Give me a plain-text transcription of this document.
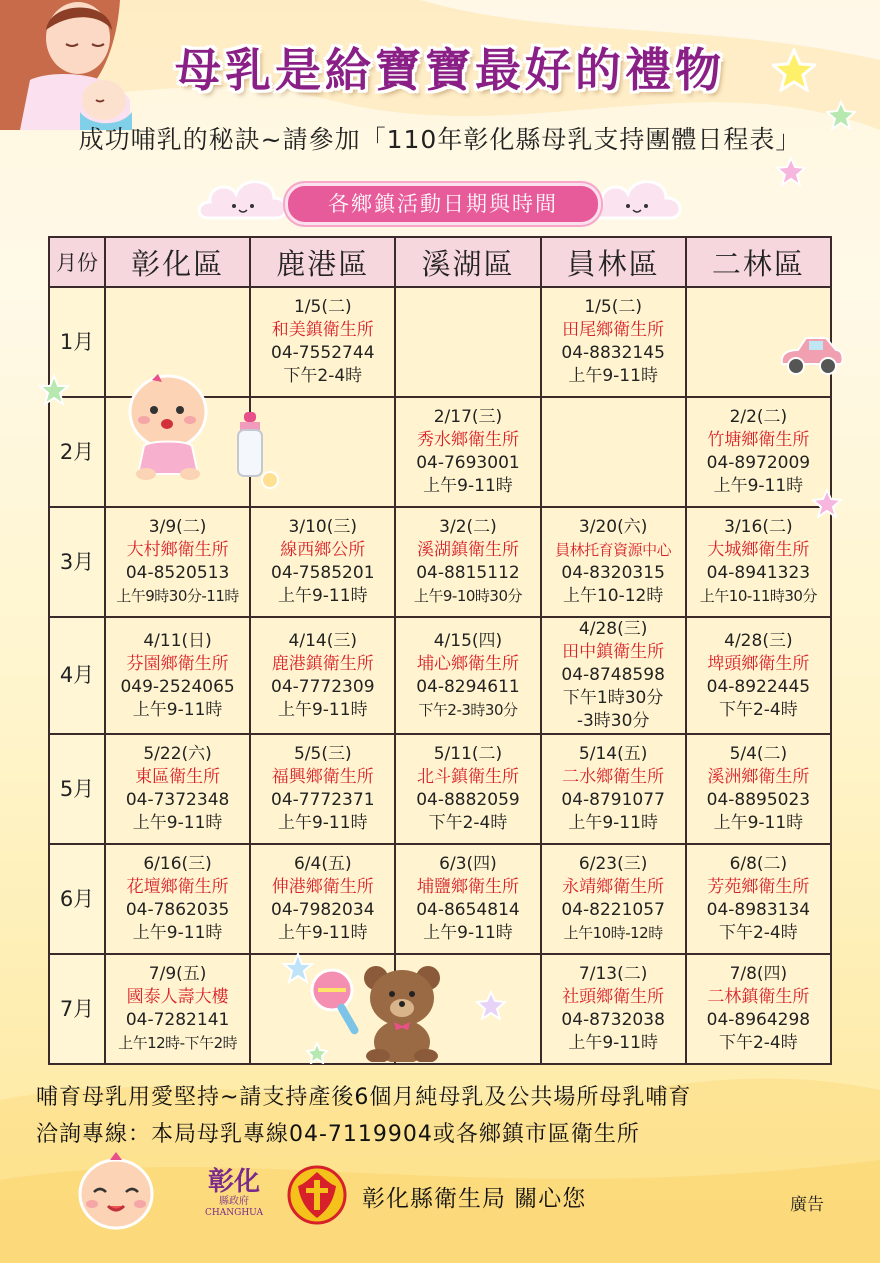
母乳是給寶寶最好的禮物
成功哺乳的秘訣~請參加「110年彰化縣母乳支持團體日程表」
各鄉鎮活動日期與時間
月份	彰化區	鹿港區	溪湖區	員林區	二林區
1月		1/5(二)
和美鎮衛生所
04-7552744
下午2-4時		1/5(二)
田尾鄉衛生所
04-8832145
上午9-11時	

2月			2/17(三)
秀水鄉衛生所
04-7693001
上午9-11時		2/2(二)
竹塘鄉衛生所
04-8972009
上午9-11時

3月	3/9(二)
大村鄉衛生所
04-8520513
上午9時30分-11時	3/10(三)
線西鄉公所
04-7585201
上午9-11時	3/2(二)
溪湖鎮衛生所
04-8815112
上午9-10時30分	3/20(六)
員林托育資源中心
04-8320315
上午10-12時	3/16(二)
大城鄉衛生所
04-8941323
上午10-11時30分

4月	4/11(日)
芬園鄉衛生所
049-2524065
上午9-11時	4/14(三)
鹿港鎮衛生所
04-7772309
上午9-11時	4/15(四)
埔心鄉衛生所
04-8294611
下午2-3時30分	4/28(三)
田中鎮衛生所
04-8748598
下午1時30分
-3時30分	4/28(三)
埤頭鄉衛生所
04-8922445
下午2-4時

5月	5/22(六)
東區衛生所
04-7372348
上午9-11時	5/5(三)
福興鄉衛生所
04-7772371
上午9-11時	5/11(二)
北斗鎮衛生所
04-8882059
下午2-4時	5/14(五)
二水鄉衛生所
04-8791077
上午9-11時	5/4(二)
溪洲鄉衛生所
04-8895023
上午9-11時

6月	6/16(三)
花壇鄉衛生所
04-7862035
上午9-11時	6/4(五)
伸港鄉衛生所
04-7982034
上午9-11時	6/3(四)
埔鹽鄉衛生所
04-8654814
上午9-11時	6/23(三)
永靖鄉衛生所
04-8221057
上午10時-12時	6/8(二)
芳苑鄉衛生所
04-8983134
下午2-4時

7月	7/9(五)
國泰人壽大樓
04-7282141
上午12時-下午2時			7/13(二)
社頭鄉衛生所
04-8732038
上午9-11時	7/8(四)
二林鎮衛生所
04-8964298
下午2-4時
哺育母乳用愛堅持~請支持產後6個月純母乳及公共場所母乳哺育
洽詢專線：本局母乳專線04-7119904或各鄉鎮市區衛生所
彰化
縣政府
CHANGHUA
彰化縣衛生局 關心您	廣告
